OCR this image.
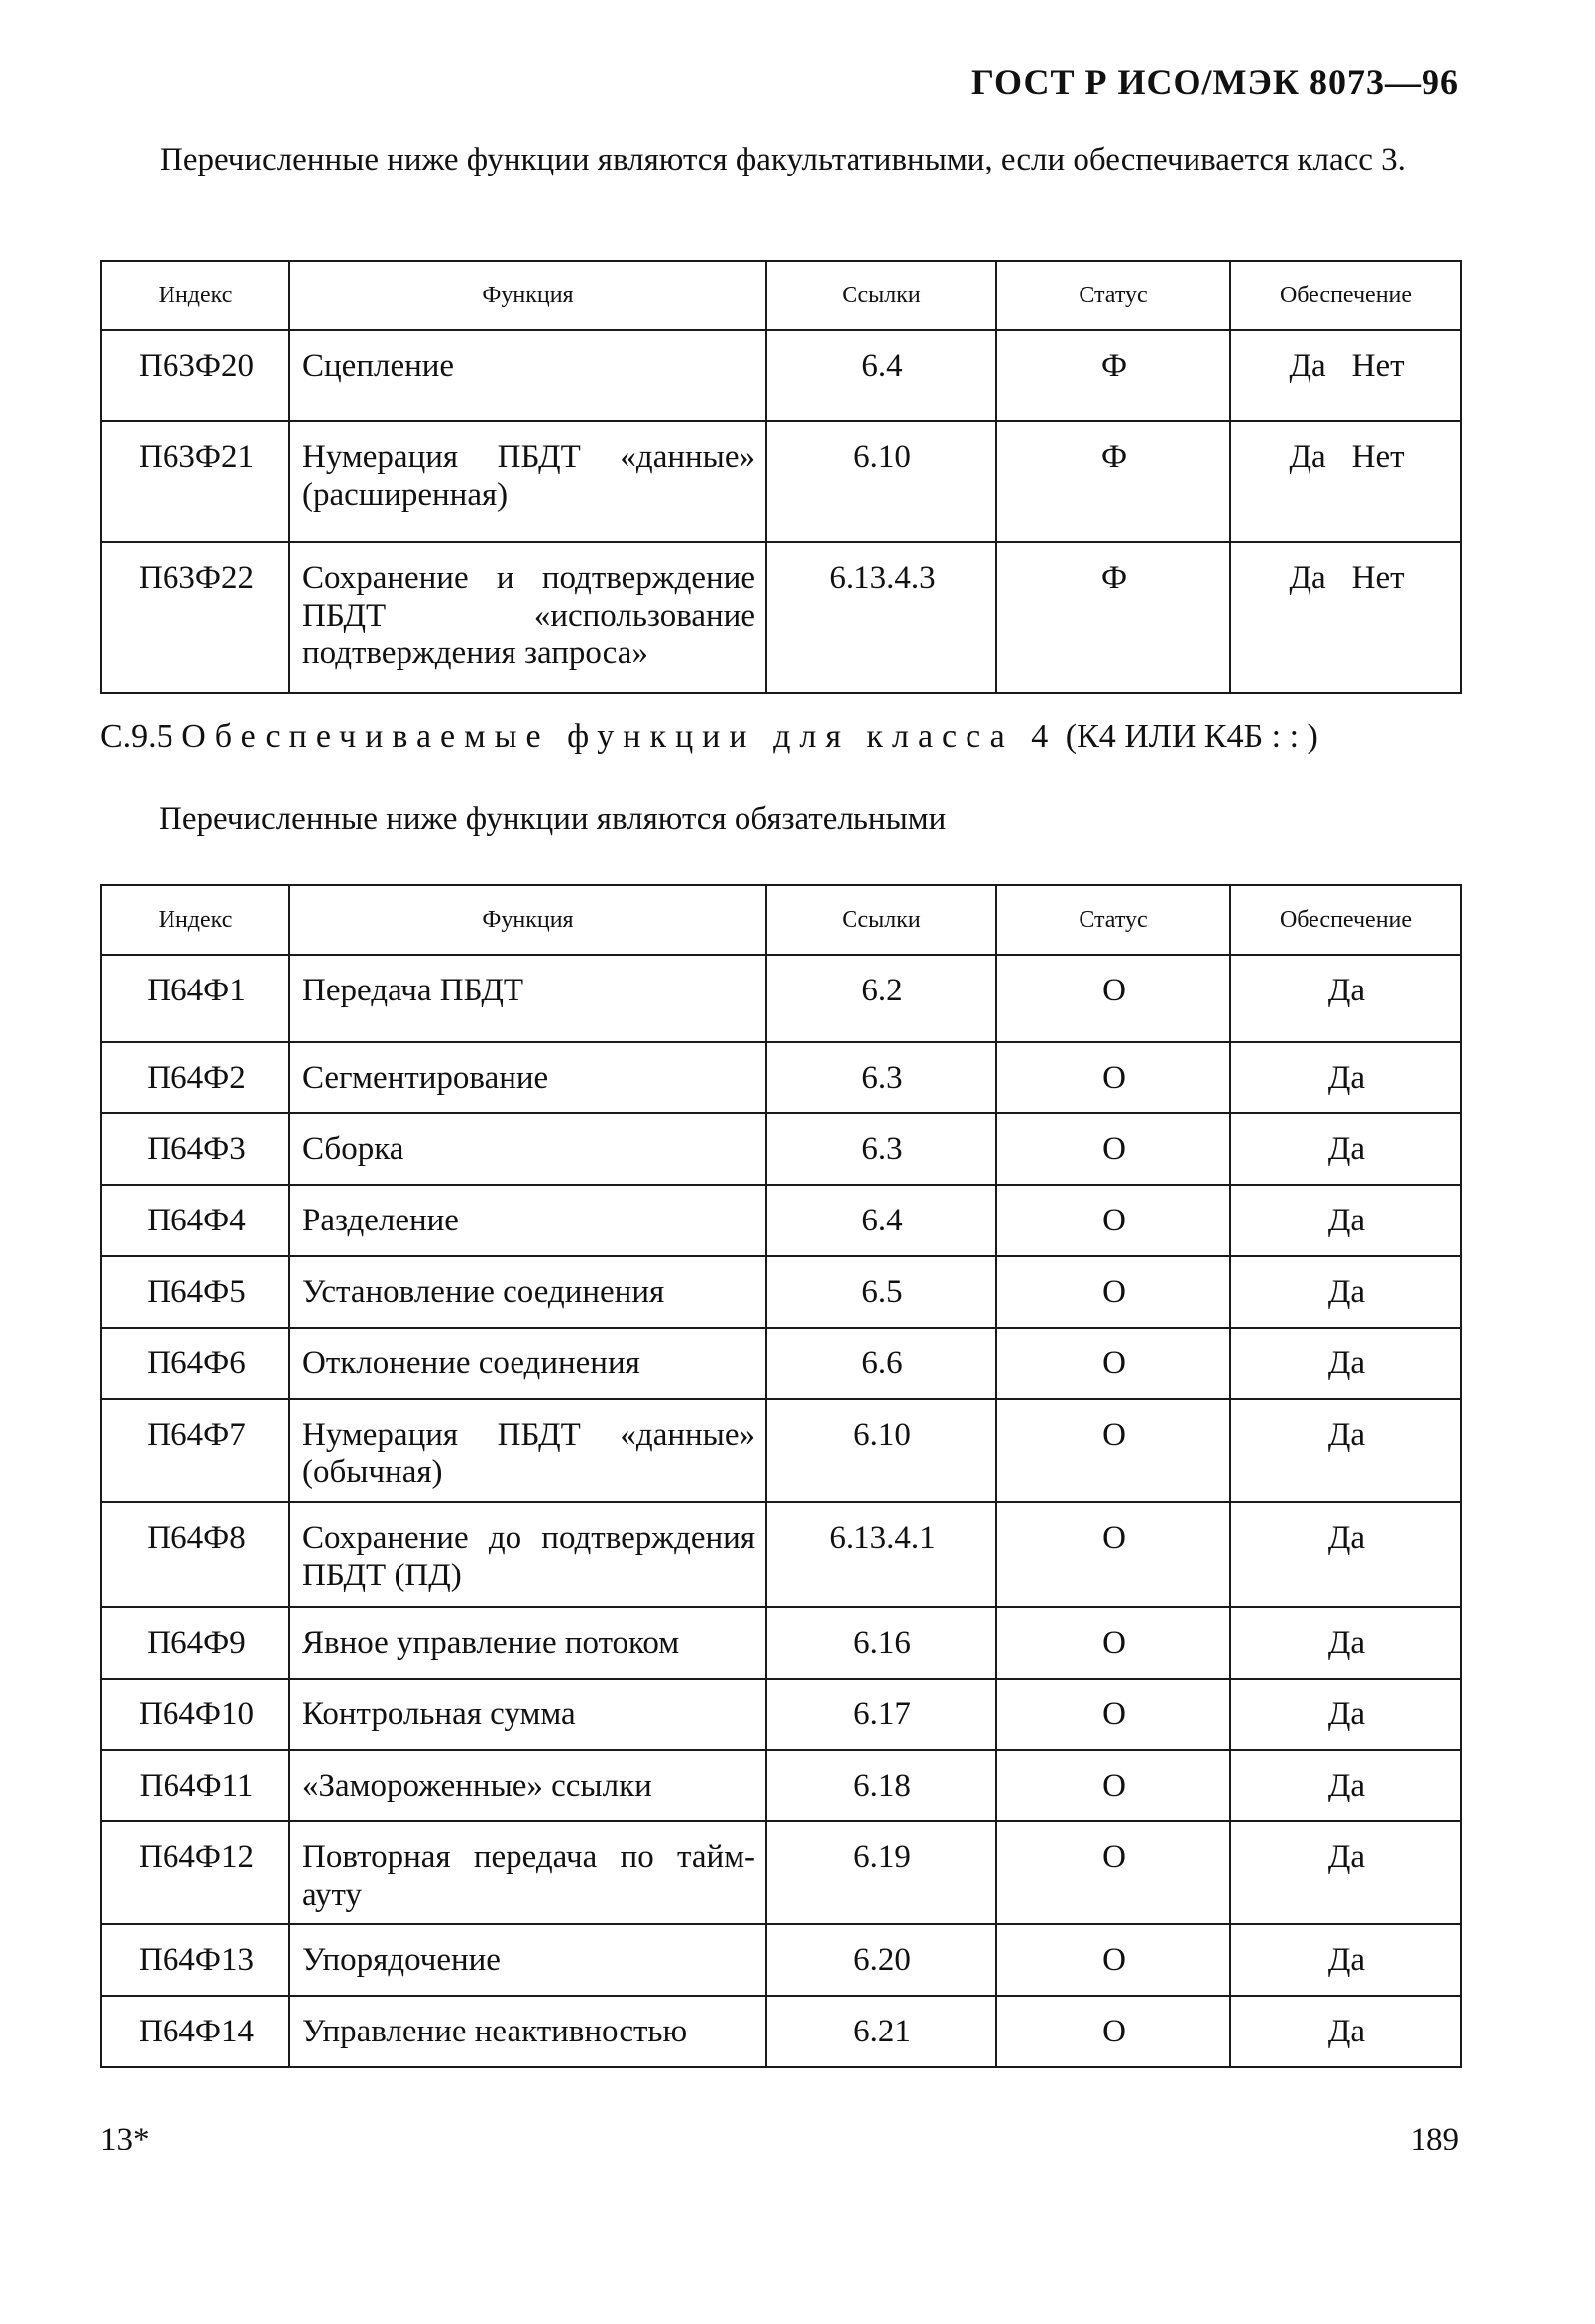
ГОСТ Р ИСО/МЭК 8073—96
Перечисленные ниже функции являются факультативными, если обеспечивается класс 3.
Индекс	Функция	Ссылки	Статус	Обеспечение
П63Ф20	Сцепление	6.4	Ф	Да Нет
П63Ф21	Нумерация ПБДТ «данные» (расширенная)	6.10	Ф	Да Нет
П63Ф22	Сохранение и подтверждение ПБДТ «использование подтверждения запроса»	6.13.4.3	Ф	Да Нет
С.9.5 Обеспечиваемые функции для класса 4 (К4 ИЛИ К4Б : : )
Перечисленные ниже функции являются обязательными
Индекс	Функция	Ссылки	Статус	Обеспечение
П64Ф1	Передача ПБДТ	6.2	О	Да
П64Ф2	Сегментирование	6.3	О	Да
П64Ф3	Сборка	6.3	О	Да
П64Ф4	Разделение	6.4	О	Да
П64Ф5	Установление соединения	6.5	О	Да
П64Ф6	Отклонение соединения	6.6	О	Да
П64Ф7	Нумерация ПБДТ «данные» (обычная)	6.10	О	Да
П64Ф8	Сохранение до подтверждения ПБДТ (ПД)	6.13.4.1	О	Да
П64Ф9	Явное управление потоком	6.16	О	Да
П64Ф10	Контрольная сумма	6.17	О	Да
П64Ф11	«Замороженные» ссылки	6.18	О	Да
П64Ф12	Повторная передача по тайм-ауту	6.19	О	Да
П64Ф13	Упорядочение	6.20	О	Да
П64Ф14	Управление неактивностью	6.21	О	Да
13*	189
